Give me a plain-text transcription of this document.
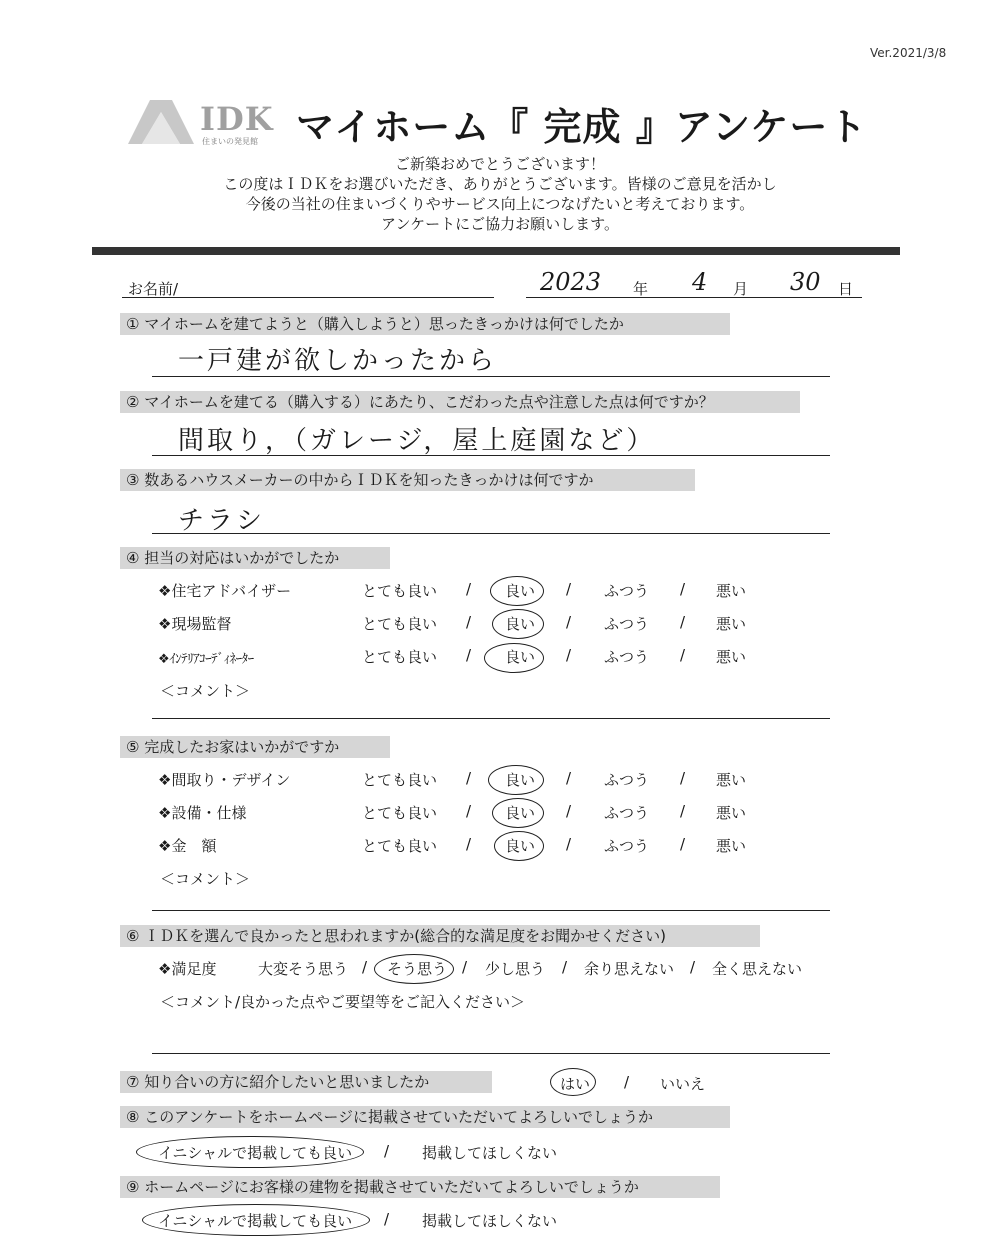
Ver.2021/3/8
IDK
住まいの発見館 マイホーム『 完成 』アンケート
ご新築おめでとうございます！
この度はＩＤＫをお選びいただき、ありがとうございます。皆様のご意見を活かし
今後の当社の住まいづくりやサービス向上につなげたいと考えております。
アンケートにご協力お願いします。
お名前/	2023 年 4 月 30 日
① マイホームを建てようと（購入しようと）思ったきっかけは何でしたか
一戸建が欲しかったから
② マイホームを建てる（購入する）にあたり、こだわった点や注意した点は何ですか？
間取り，（ガレージ，屋上庭園など）
③ 数あるハウスメーカーの中からＩＤＫを知ったきっかけは何ですか
チラシ
④ 担当の対応はいかがでしたか
❖住宅アドバイザー	とても良い / 良い / ふつう / 悪い
❖現場監督	とても良い / 良い / ふつう / 悪い
❖ｲﾝﾃﾘｱｺｰﾃﾞｨﾈｰﾀｰ	とても良い / 良い / ふつう / 悪い
＜コメント＞
⑤ 完成したお家はいかがですか
❖間取り・デザイン	とても良い / 良い / ふつう / 悪い
❖設備・仕様	とても良い / 良い / ふつう / 悪い
❖金　額	とても良い / 良い / ふつう / 悪い
＜コメント＞
⑥ ＩＤＫを選んで良かったと思われますか(総合的な満足度をお聞かせください)
❖満足度	大変そう思う / そう思う / 少し思う / 余り思えない / 全く思えない
＜コメント/良かった点やご要望等をご記入ください＞
⑦ 知り合いの方に紹介したいと思いましたか	はい / いいえ
⑧ このアンケートをホームページに掲載させていただいてよろしいでしょうか
イニシャルで掲載しても良い / 掲載してほしくない
⑨ ホームページにお客様の建物を掲載させていただいてよろしいでしょうか
イニシャルで掲載しても良い / 掲載してほしくない
